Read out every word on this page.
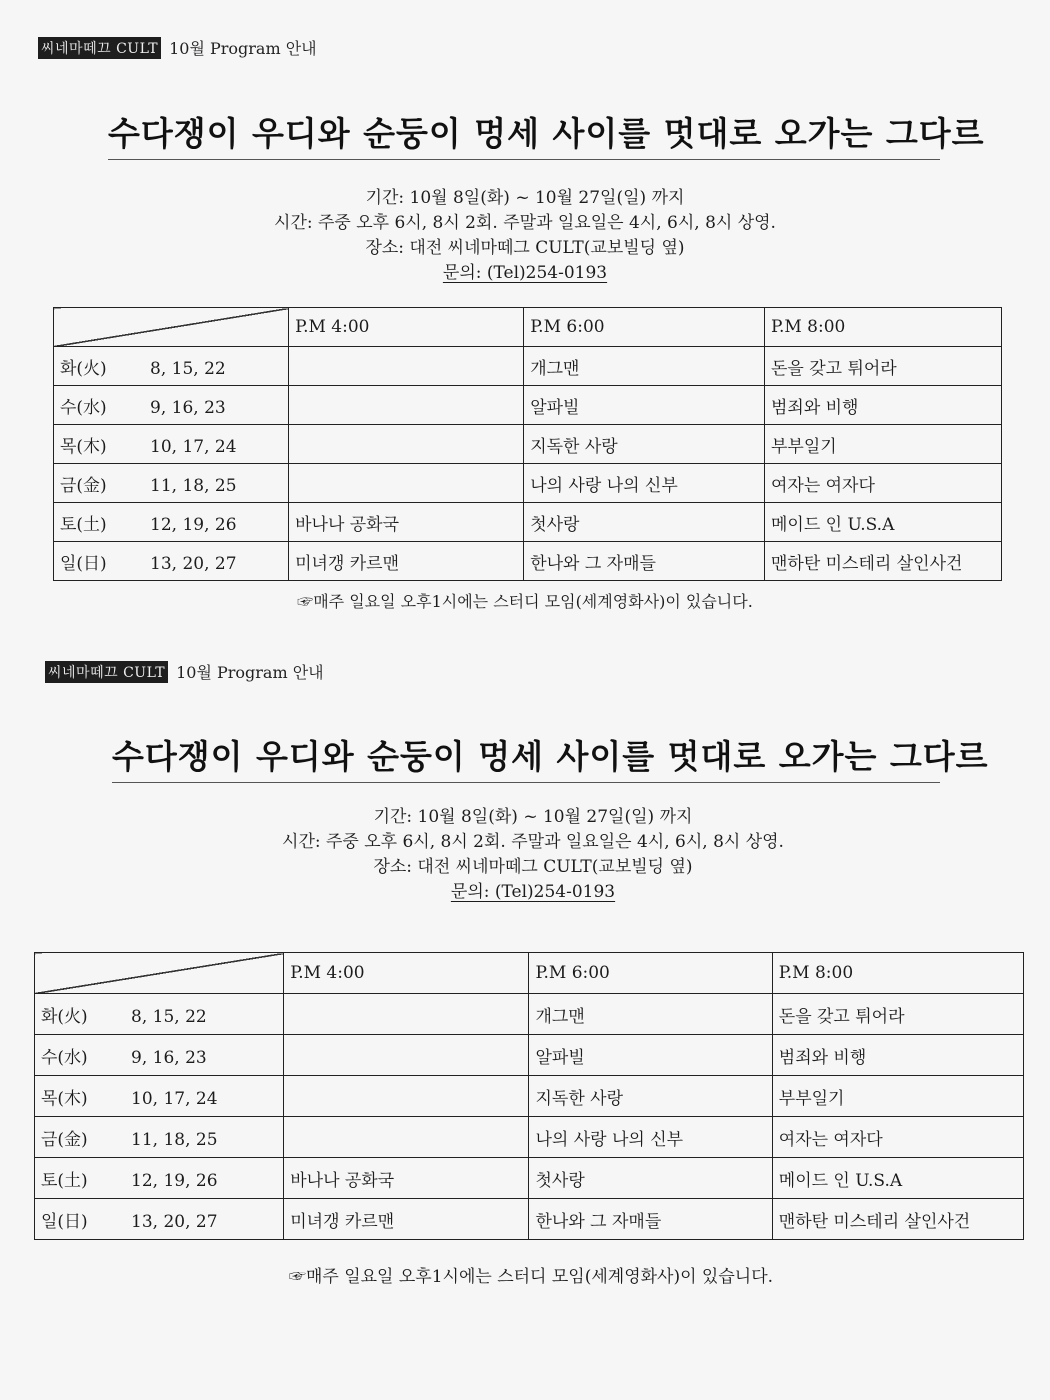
씨네마떼끄 CULT 10월 Program 안내
수다쟁이 우디와 순둥이 멍세 사이를 멋대로 오가는 그다르

기간: 10월 8일(화) ~ 10월 27일(일) 까지

시간: 주중 오후 6시, 8시 2회. 주말과 일요일은 4시, 6시, 8시 상영.

장소: 대전 씨네마떼그 CULT(교보빌딩 옆)

문의: (Tel)254-0193

	P.M 4:00	P.M 6:00	P.M 8:00
화(火) 8, 15, 22		개그맨	돈을 갖고 튀어라
수(水) 9, 16, 23		알파빌	범죄와 비행
목(木) 10, 17, 24		지독한 사랑	부부일기
금(金) 11, 18, 25		나의 사랑 나의 신부	여자는 여자다
토(土) 12, 19, 26	바나나 공화국	첫사랑	메이드 인 U.S.A
일(日) 13, 20, 27	미녀갱 카르맨	한나와 그 자매들	맨하탄 미스테리 살인사건
☞매주 일요일 오후1시에는 스터디 모임(세계영화사)이 있습니다.
씨네마떼끄 CULT 10월 Program 안내
수다쟁이 우디와 순둥이 멍세 사이를 멋대로 오가는 그다르

기간: 10월 8일(화) ~ 10월 27일(일) 까지

시간: 주중 오후 6시, 8시 2회. 주말과 일요일은 4시, 6시, 8시 상영.

장소: 대전 씨네마떼그 CULT(교보빌딩 옆)

문의: (Tel)254-0193

	P.M 4:00	P.M 6:00	P.M 8:00
화(火) 8, 15, 22		개그맨	돈을 갖고 튀어라
수(水) 9, 16, 23		알파빌	범죄와 비행
목(木) 10, 17, 24		지독한 사랑	부부일기
금(金) 11, 18, 25		나의 사랑 나의 신부	여자는 여자다
토(土) 12, 19, 26	바나나 공화국	첫사랑	메이드 인 U.S.A
일(日) 13, 20, 27	미녀갱 카르맨	한나와 그 자매들	맨하탄 미스테리 살인사건
☞매주 일요일 오후1시에는 스터디 모임(세계영화사)이 있습니다.
